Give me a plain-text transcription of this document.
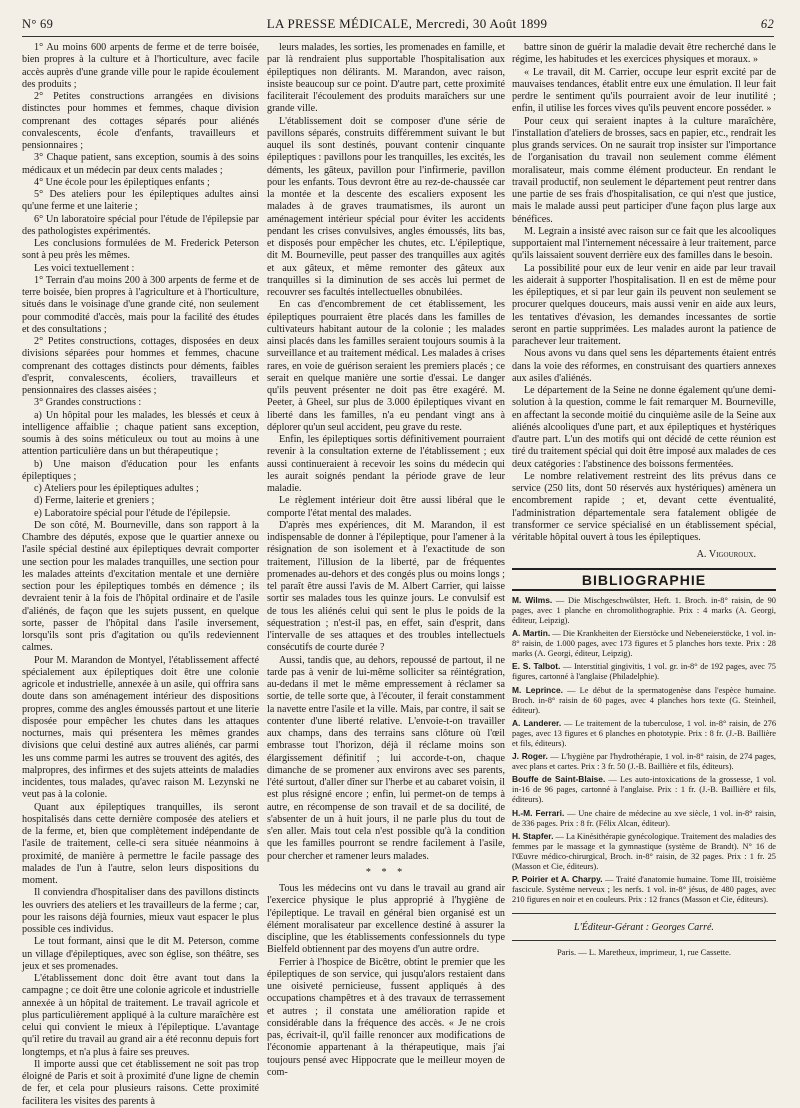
N° 69	LA PRESSE MÉDICALE, Mercredi, 30 Août 1899	62

1° Au moins 600 arpents de ferme et de terre boisée, bien propres à la culture et à l'horticulture, avec facile accès auprès d'une grande ville pour le rapide écoulement des produits ;

2° Petites constructions arrangées en divisions distinctes pour hommes et femmes, chaque division comprenant des cottages séparés pour aliénés convalescents, école d'enfants, travailleurs et pensionnaires ;

3° Chaque patient, sans exception, soumis à des soins médicaux et un médecin par deux cents malades ;

4° Une école pour les épileptiques enfants ;

5° Des ateliers pour les épileptiques adultes ainsi qu'une ferme et une laiterie ;

6° Un laboratoire spécial pour l'étude de l'épilepsie par des pathologistes expérimentés.

Les conclusions formulées de M. Frederick Peterson sont à peu près les mêmes.

Les voici textuellement :

1° Terrain d'au moins 200 à 300 arpents de ferme et de terre boisée, bien propres à l'agriculture et à l'horticulture, situés dans le voisinage d'une grande cité, non seulement pour commodité d'accès, mais pour la facilité des études et des consultations ;

2° Petites constructions, cottages, disposées en deux divisions séparées pour hommes et femmes, chacune comprenant des cottages distincts pour déments, faibles d'esprit, convalescents, écoliers, travailleurs et pensionnaires des classes aisées ;

3° Grandes constructions :

a) Un hôpital pour les malades, les blessés et ceux à intelligence affaiblie ; chaque patient sans exception, soumis à des soins méticuleux ou tout au moins à une attention particulière dans un but thérapeutique ;

b) Une maison d'éducation pour les enfants épileptiques ;

c) Ateliers pour les épileptiques adultes ;

d) Ferme, laiterie et greniers ;

e) Laboratoire spécial pour l'étude de l'épilepsie.

De son côté, M. Bourneville, dans son rapport à la Chambre des députés, expose que le quartier annexe ou l'asile spécial destiné aux épileptiques devrait comporter une section pour les malades tranquilles, une section pour les malades atteints d'excitation mentale et une dernière section pour les épileptiques tombés en démence ; ils devraient tenir à la fois de l'hôpital ordinaire et de l'asile d'aliénés, de façon que les sujets pussent, en quelque sorte, passer de l'hôpital dans l'asile inversement, lorsqu'ils sont pris d'agitation ou qu'ils redeviennent calmes.

Pour M. Marandon de Montyel, l'établissement affecté spécialement aux épileptiques doit être une colonie agricole et industrielle, annexée à un asile, qui offrira sans doute dans son aménagement intérieur des dispositions propres, comme des angles émoussés partout et une literie disposée pour empêcher les chutes dans les attaques nocturnes, mais qui présentera les mêmes grandes divisions que celui destiné aux autres aliénés, car parmi les uns comme parmi les autres se trouvent des agités, des malpropres, des infirmes et des sujets atteints de maladies incidentes, tous malades, qu'avec raison M. Lezynski ne veut pas à la colonie.

Quant aux épileptiques tranquilles, ils seront hospitalisés dans cette dernière composée des ateliers et de la ferme, et, bien que complètement indépendante de l'asile de traitement, celle-ci sera située néanmoins à proximité, de manière à permettre le facile passage des malades de l'un à l'autre, selon leurs dispositions du moment.

Il conviendra d'hospitaliser dans des pavillons distincts les ouvriers des ateliers et les travailleurs de la ferme ; car, pour les raisons déjà fournies, mieux vaut espacer le plus possible ces individus.

Le tout formant, ainsi que le dit M. Peterson, comme un village d'épileptiques, avec son église, son théâtre, ses jeux et ses promenades.

L'établissement donc doit être avant tout dans la campagne ; ce doit être une colonie agricole et industrielle annexée à un hôpital de traitement. Le travail agricole et plus particulièrement appliqué à la culture maraîchère est celui qui convient le mieux à l'épileptique. L'avantage qu'il retire du travail au grand air a été reconnu depuis fort longtemps, et n'a plus à faire ses preuves.

Il importe aussi que cet établissement ne soit pas trop éloigné de Paris et soit à proximité d'une ligne de chemin de fer, et cela pour plusieurs raisons. Cette proximité facilitera les visites des parents à

leurs malades, les sorties, les promenades en famille, et par là rendraient plus supportable l'hospitalisation aux épileptiques non délirants. M. Marandon, avec raison, insiste beaucoup sur ce point. D'autre part, cette proximité faciliterait l'écoulement des produits maraîchers sur une grande ville.

L'établissement doit se composer d'une série de pavillons séparés, construits différemment suivant le but auquel ils sont destinés, pouvant contenir cinquante épileptiques : pavillons pour les tranquilles, les excités, les déments, les gâteux, pavillon pour l'infirmerie, pavillon pour les enfants. Tous devront être au rez-de-chaussée car la montée et la descente des escaliers exposent les malades à de graves traumatismes, ils auront un aménagement intérieur spécial pour éviter les accidents pendant les crises convulsives, angles émoussés, lits bas, et disposés pour empêcher les chutes, etc. L'épileptique, dit M. Bourneville, peut passer des tranquilles aux agités et aux gâteux, et même remonter des gâteux aux tranquilles si la diminution de ses accès lui permet de recouvrer ses facultés intellectuelles obnubilées.

En cas d'encombrement de cet établissement, les épileptiques pourraient être placés dans les familles de cultivateurs habitant autour de la colonie ; les malades ainsi placés dans les familles seraient toujours soumis à la surveillance et au traitement médical. Les malades à crises rares, en voie de guérison seraient les premiers placés ; ce serait en quelque manière une sortie d'essai. Le danger qu'ils peuvent présenter ne doit pas être exagéré. M. Peeter, à Gheel, sur plus de 3.000 épileptiques vivant en liberté dans les familles, n'a eu pendant vingt ans à déplorer qu'un seul accident, peu grave du reste.

Enfin, les épileptiques sortis définitivement pourraient revenir à la consultation externe de l'établissement ; eux aussi continueraient à recevoir les soins du médecin qui les aurait soignés pendant la période grave de leur maladie.

Le règlement intérieur doit être aussi libéral que le comporte l'état mental des malades.

D'après mes expériences, dit M. Marandon, il est indispensable de donner à l'épileptique, pour l'amener à la résignation de son isolement et à l'exactitude de son traitement, l'illusion de la liberté, par de fréquentes promenades au-dehors et des congés plus ou moins longs ; tel paraît être aussi l'avis de M. Albert Carrier, qui laisse sortir ses malades tous les quinze jours. Le convulsif est de tous les aliénés celui qui sent le plus le poids de la séquestration ; n'est-il pas, en effet, sain d'esprit, dans l'intervalle de ses attaques et des troubles intellectuels consécutifs de courte durée ?

Aussi, tandis que, au dehors, repoussé de partout, il ne tarde pas à venir de lui-même solliciter sa réintégration, au-dedans il met le même empressement à réclamer sa sortie, de telle sorte que, à l'écouter, il ferait constamment la navette entre l'asile et la ville. Mais, par contre, il sait se contenter d'une liberté relative. L'envoie-t-on travailler aux champs, dans des terrains sans clôture où l'œil embrasse tout l'horizon, déjà il réclame moins son élargissement définitif ; lui accorde-t-on, chaque dimanche de se promener aux environs avec ses parents, l'été surtout, d'aller dîner sur l'herbe et au cabaret voisin, il est plus résigné encore ; enfin, lui permet-on de temps à autre, en récompense de son travail et de sa docilité, de s'absenter de un à huit jours, il ne parle plus du tout de s'en aller. Mais tout cela n'est possible qu'à la condition que les familles pourront se rendre facilement à l'asile, pour chercher et ramener leurs malades.

* * *

Tous les médecins ont vu dans le travail au grand air l'exercice physique le plus approprié à l'hygiène de l'épileptique. Le travail en général bien organisé est un élément moralisateur par excellence destiné à assurer la discipline, que les établissements confessionnels du type Bielfeld obtiennent par des moyens d'un autre ordre.

Ferrier à l'hospice de Bicêtre, obtint le premier que les épileptiques de son service, qui jusqu'alors restaient dans une oisiveté pernicieuse, fussent appliqués à des occupations champêtres et à des travaux de terrassement et autres ; il constata une amélioration rapide et considérable dans la fréquence des accès. « Je ne crois pas, écrivait-il, qu'il faille renoncer aux modifications de l'économie appartenant à la thérapeutique, mais j'ai toujours pensé avec Hippocrate que le meilleur moyen de com-

battre sinon de guérir la maladie devait être recherché dans le régime, les habitudes et les exercices physiques et moraux. »

« Le travail, dit M. Carrier, occupe leur esprit excité par de mauvaises tendances, établit entre eux une émulation. Il leur fait perdre le sentiment qu'ils pourraient avoir de leur inutilité ; enfin, il utilise les forces vives qu'ils peuvent encore posséder. »

Pour ceux qui seraient inaptes à la culture maraîchère, l'installation d'ateliers de brosses, sacs en papier, etc., rendrait les plus grands services. On ne saurait trop insister sur l'importance de l'organisation du travail non seulement comme élément moralisateur, mais comme élément producteur. En rendant le travail productif, non seulement le département peut rentrer dans une partie de ses frais d'hospitalisation, ce qui n'est que justice, mais le malade aussi peut participer d'une façon plus large aux bénéfices.

M. Legrain a insisté avec raison sur ce fait que les alcooliques supportaient mal l'internement nécessaire à leur traitement, parce qu'ils laissaient souvent derrière eux des familles dans le besoin.

La possibilité pour eux de leur venir en aide par leur travail les aiderait à supporter l'hospitalisation. Il en est de même pour les épileptiques, et si par leur gain ils peuvent non seulement se procurer quelques douceurs, mais aussi venir en aide aux leurs, les tentatives d'évasion, les demandes incessantes de sortie seront en partie supprimées. Les malades auront la patience de parachever leur traitement.

Nous avons vu dans quel sens les départements étaient entrés dans la voie des réformes, en construisant des quartiers annexes aux asiles d'aliénés.

Le département de la Seine ne donne également qu'une demi-solution à la question, comme le fait remarquer M. Bourneville, en affectant la seconde moitié du cinquième asile de la Seine aux aliénés alcooliques d'une part, et aux épileptiques et hystériques d'autre part. L'un des motifs qui ont décidé de cette réunion est tiré du traitement spécial qui doit être imposé aux malades de ces deux catégories : l'abstinence des boissons fermentées.

Le nombre relativement restreint des lits prévus dans ce service (250 lits, dont 50 réservés aux hystériques) amènera un encombrement rapide ; et, devant cette éventualité, l'administration départementale sera fatalement obligée de transformer ce service spécialisé en un établissement spécial, véritable hôpital ouvert à tous les épileptiques.

A. Vigouroux.
BIBLIOGRAPHIE
M. Wilms. — Die Mischgeschwülster, Heft. 1. Broch. in-8° raisin, de 90 pages, avec 1 planche en chromolithographie. Prix : 4 marks (A. Georgi, éditeur, Leipzig).
A. Martin. — Die Krankheiten der Eierstöcke und Nebeneierstöcke, 1 vol. in-8° raisin, de 1.000 pages, avec 173 figures et 5 planches hors texte. Prix : 28 marks (A. Georgi, éditeur, Leipzig).
E. S. Talbot. — Interstitial gingivitis, 1 vol. gr. in-8° de 192 pages, avec 75 figures, cartonné à l'anglaise (Philadelphie).
M. Leprince. — Le début de la spermatogenèse dans l'espèce humaine. Broch. in-8° raisin de 60 pages, avec 4 planches hors texte (G. Steinheil, éditeur).
A. Landerer. — Le traitement de la tuberculose, 1 vol. in-8° raisin, de 276 pages, avec 13 figures et 6 planches en phototypie. Prix : 8 fr. (J.-B. Baillière et fils, éditeurs).
J. Roger. — L'hygiène par l'hydrothérapie, 1 vol. in-8° raisin, de 274 pages, avec plans et cartes. Prix : 3 fr. 50 (J.-B. Baillière et fils, éditeurs).
Bouffe de Saint-Blaise. — Les auto-intoxications de la grossesse, 1 vol. in-16 de 96 pages, cartonné à l'anglaise. Prix : 1 fr. (J.-B. Baillière et fils, éditeurs).
H.-M. Ferrari. — Une chaire de médecine au xve siècle, 1 vol. in-8° raisin, de 336 pages. Prix : 8 fr. (Félix Alcan, éditeur).
H. Stapfer. — La Kinésithérapie gynécologique. Traitement des maladies des femmes par le massage et la gymnastique (système de Brandt). N° 16 de l'Œuvre médico-chirurgical, Broch. in-8° raisin, de 32 pages. Prix : 1 fr. 25 (Masson et Cie, éditeurs).
P. Poirier et A. Charpy. — Traité d'anatomie humaine. Tome III, troisième fascicule. Système nerveux ; les nerfs. 1 vol. in-8° jésus, de 480 pages, avec 210 figures en noir et en couleurs. Prix : 12 francs (Masson et Cie, éditeurs).
L'Éditeur-Gérant : Georges Carré.
Paris. — L. Maretheux, imprimeur, 1, rue Cassette.
